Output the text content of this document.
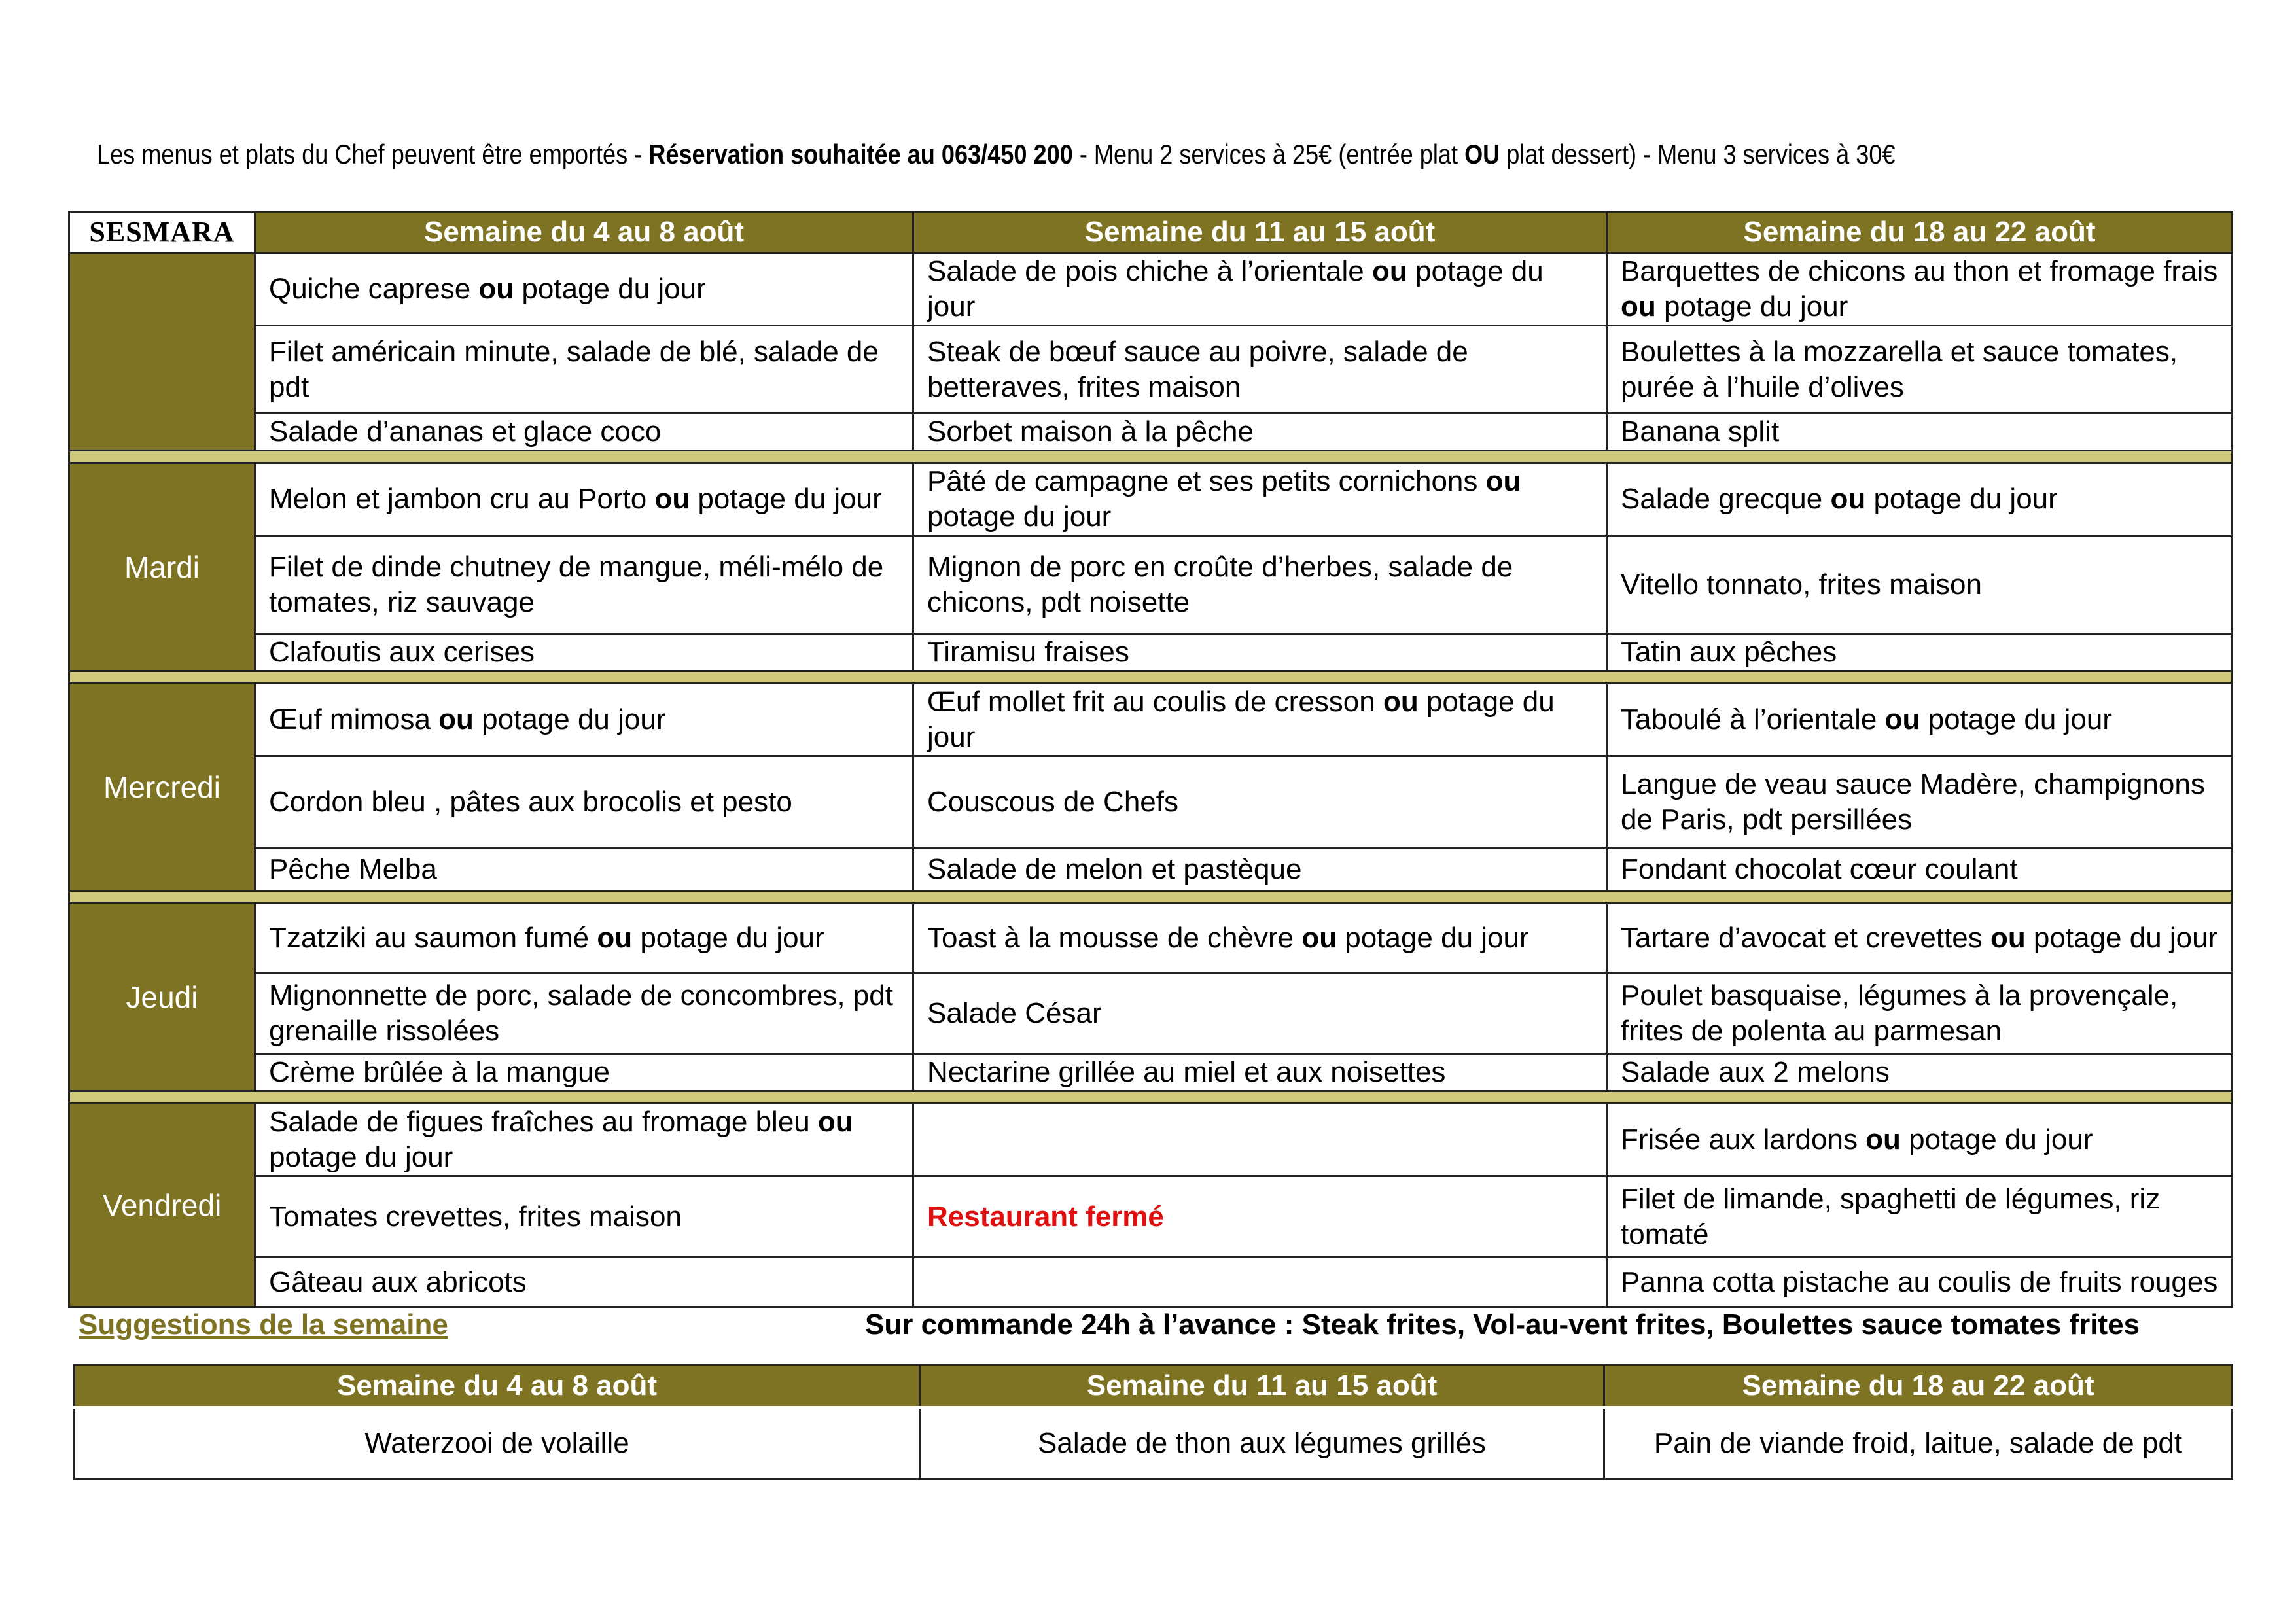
Les menus et plats du Chef peuvent être emportés - Réservation souhaitée au 063/450 200 - Menu 2 services à 25€ (entrée plat OU plat dessert) - Menu 3 services à 30€
SESMARA	Semaine du 4 au 8 août	Semaine du 11 au 15 août	Semaine du 18 au 22 août
	Quiche caprese ou potage du jour	Salade de pois chiche à l’orientale ou potage du jour	Barquettes de chicons au thon et fromage frais ou potage du jour
	Filet américain minute, salade de blé, salade de pdt	Steak de bœuf sauce au poivre, salade de betteraves, frites maison	Boulettes à la mozzarella et sauce tomates, purée à l’huile d’olives
	Salade d’ananas et glace coco	Sorbet maison à la pêche	Banana split

Mardi	Melon et jambon cru au Porto ou potage du jour	Pâté de campagne et ses petits cornichons ou potage du jour	Salade grecque ou potage du jour
	Filet de dinde chutney de mangue, méli-mélo de tomates, riz sauvage	Mignon de porc en croûte d’herbes, salade de chicons, pdt noisette	Vitello tonnato, frites maison
	Clafoutis aux cerises	Tiramisu fraises	Tatin aux pêches

Mercredi	Œuf mimosa ou potage du jour	Œuf mollet frit au coulis de cresson ou potage du jour	Taboulé à l’orientale ou potage du jour
	Cordon bleu , pâtes aux brocolis et pesto	Couscous de Chefs	Langue de veau sauce Madère, champignons de Paris, pdt persillées
	Pêche Melba	Salade de melon et pastèque	Fondant chocolat cœur coulant

Jeudi	Tzatziki au saumon fumé ou potage du jour	Toast à la mousse de chèvre ou potage du jour	Tartare d’avocat et crevettes ou potage du jour
	Mignonnette de porc, salade de concombres, pdt grenaille rissolées	Salade César	Poulet basquaise, légumes à la provençale, frites de polenta au parmesan
	Crème brûlée à la mangue	Nectarine grillée au miel et aux noisettes	Salade aux 2 melons

Vendredi	Salade de figues fraîches au fromage bleu ou potage du jour		Frisée aux lardons ou potage du jour
	Tomates crevettes, frites maison	Restaurant fermé	Filet de limande, spaghetti de légumes, riz tomaté
	Gâteau aux abricots		Panna cotta pistache au coulis de fruits rouges
Suggestions de la semaine	Sur commande 24h à l’avance : Steak frites, Vol-au-vent frites, Boulettes sauce tomates frites
Semaine du 4 au 8 août	Semaine du 11 au 15 août	Semaine du 18 au 22 août
Waterzooi de volaille	Salade de thon aux légumes grillés	Pain de viande froid, laitue, salade de pdt
